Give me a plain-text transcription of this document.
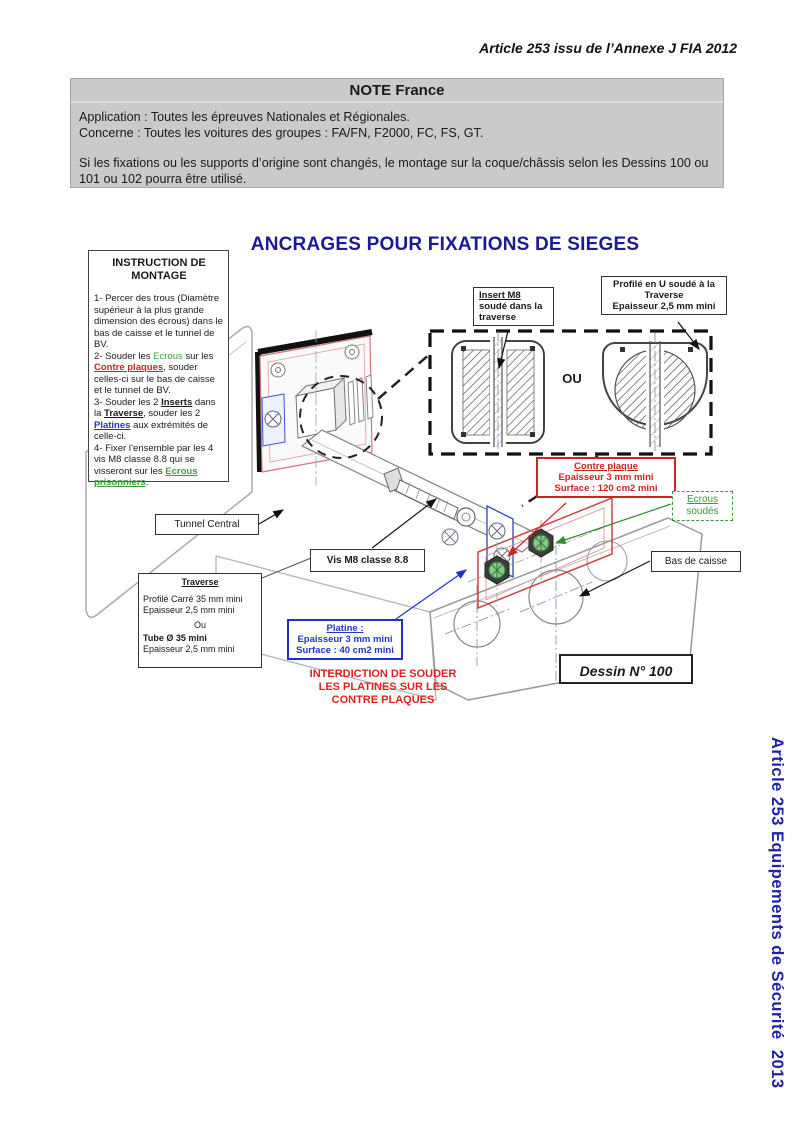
Article 253 issu de l’Annexe J FIA 2012
NOTE France

Application : Toutes les épreuves Nationales et Régionales.

Concerne : Toutes les voitures des groupes : FA/FN, F2000, FC, FS, GT.

Si les fixations ou les supports d’origine sont changés, le montage sur la coque/châssis selon les Dessins 100 ou 101 ou 102 pourra être utilisé.

ANCRAGES POUR FIXATIONS DE SIEGES
INSTRUCTION DE MONTAGE

1- Percer des trous (Diamètre supérieur à la plus grande dimension des écrous) dans le bas de caisse et le tunnel de BV.

2- Souder les Ecrous sur les Contre plaques, souder celles-ci sur le bas de caisse et le tunnel de BV.

3- Souder les 2 Inserts dans la Traverse, souder les 2 Platines aux extrémités de celle-ci.

4- Fixer l’ensemble par les 4 vis M8 classe 8.8 qui se visseront sur les Ecrous prisonniers.

Insert M8
soudé dans la
traverse
Profilé en U soudé à la
Traverse
Epaisseur 2,5 mm mini
OU
Contre plaque
Epaisseur 3 mm mini
Surface : 120 cm2 mini
Ecrous
soudés
Tunnel Central
Vis M8 classe 8.8	Bas de caisse
Traverse
Profilé Carré 35 mm mini
Epaisseur 2,5 mm mini
Ou
Tube Ø 35 mini
Epaisseur 2,5 mm mini
Platine :
Epaisseur 3 mm mini
Surface : 40 cm2 mini
INTERDICTION DE SOUDER
LES PLATINES SUR LES
CONTRE PLAQUES
Dessin N° 100
Article 253 Equipements de Sécurité  2013
